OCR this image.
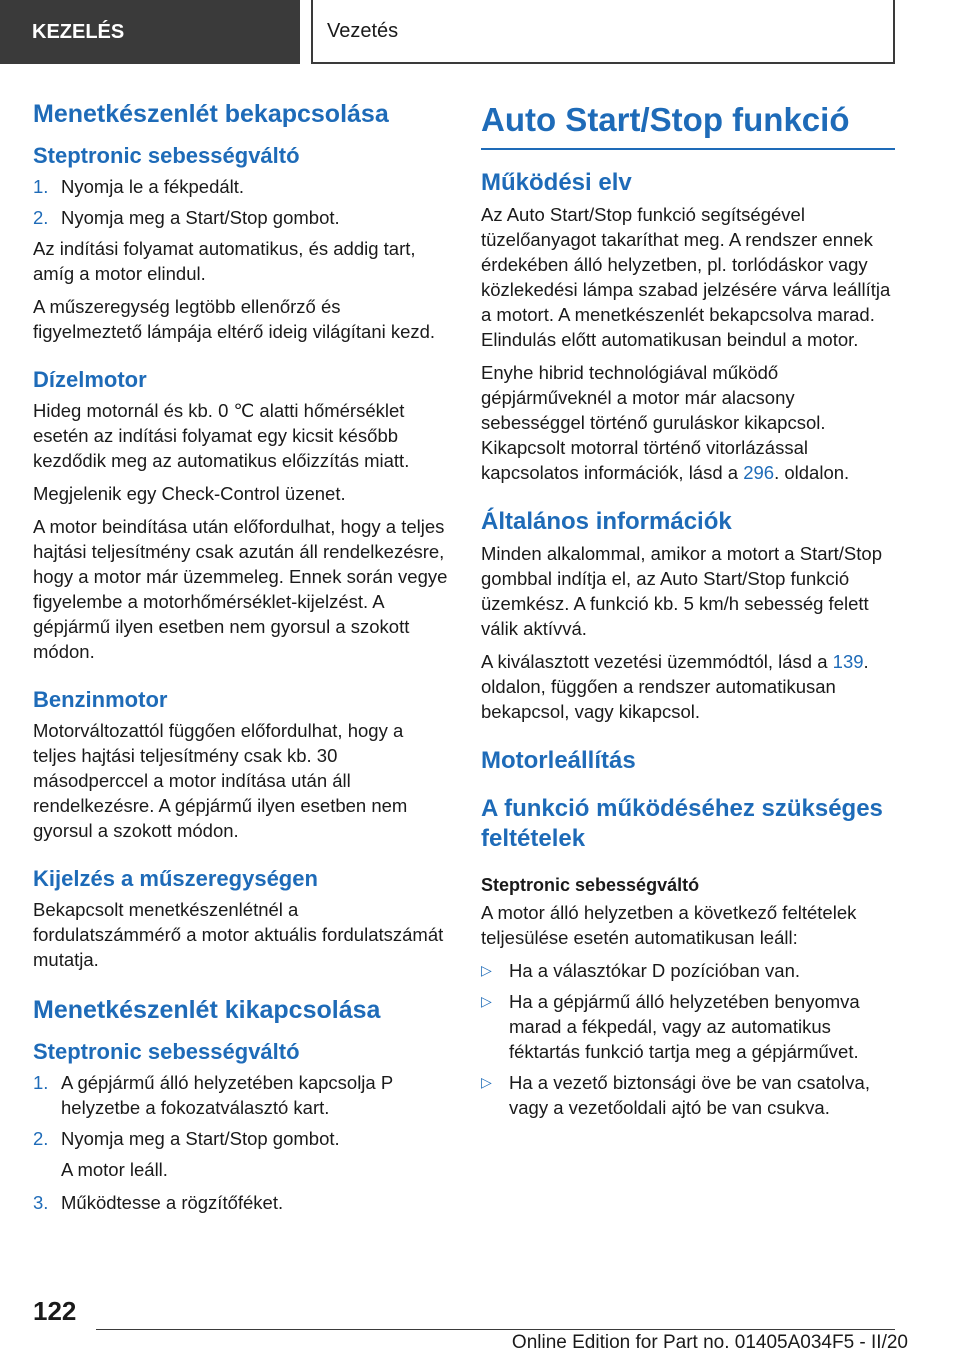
KEZELÉS	Vezetés
Menetkészenlét bekapcsolása
Steptronic sebességváltó
1. Nyomja le a fékpedált.
2. Nyomja meg a Start/Stop gombot.

Az indítási folyamat automatikus, és addig tart, amíg a motor elindul.

A műszeregység legtöbb ellenőrző és figyelmeztető lámpája eltérő ideig világítani kezd.

Dízelmotor

Hideg motornál és kb. 0 ℃ alatti hőmérséklet esetén az indítási folyamat egy kicsit később kezdődik meg az automatikus előizzítás miatt.

Megjelenik egy Check-Control üzenet.

A motor beindítása után előfordulhat, hogy a teljes hajtási teljesítmény csak azután áll rendelkezésre, hogy a motor már üzemmeleg. Ennek során vegye figyelembe a motorhőmérséklet-kijelzést. A gépjármű ilyen esetben nem gyorsul a szokott módon.

Benzinmotor

Motorváltozattól függően előfordulhat, hogy a teljes hajtási teljesítmény csak kb. 30 másodperccel a motor indítása után áll rendelkezésre. A gépjármű ilyen esetben nem gyorsul a szokott módon.

Kijelzés a műszeregységen

Bekapcsolt menetkészenlétnél a fordulatszámmérő a motor aktuális fordulatszámát mutatja.

Menetkészenlét kikapcsolása
Steptronic sebességváltó
1. A gépjármű álló helyzetében kapcsolja P helyzetbe a fokozatválasztó kart.
2. Nyomja meg a Start/Stop gombot.

A motor leáll.

3. Működtesse a rögzítőféket.
Auto Start/Stop funkció
Működési elv

Az Auto Start/Stop funkció segítségével tüzelőanyagot takaríthat meg. A rendszer ennek érdekében álló helyzetben, pl. torlódáskor vagy közlekedési lámpa szabad jelzésére várva leállítja a motort. A menetkészenlét bekapcsolva marad. Elindulás előtt automatikusan beindul a motor.

Enyhe hibrid technológiával működő gépjárműveknél a motor már alacsony sebességgel történő guruláskor kikapcsol. Kikapcsolt motorral történő vitorlázással kapcsolatos információk, lásd a 296. oldalon.

Általános információk

Minden alkalommal, amikor a motort a Start/Stop gombbal indítja el, az Auto Start/Stop funkció üzemkész. A funkció kb. 5 km/h sebesség felett válik aktívvá.

A kiválasztott vezetési üzemmódtól, lásd a 139. oldalon, függően a rendszer automatikusan bekapcsol, vagy kikapcsol.

Motorleállítás
A funkció működéséhez szükséges feltételek
Steptronic sebességváltó

A motor álló helyzetben a következő feltételek teljesülése esetén automatikusan leáll:

▷ Ha a választókar D pozícióban van.
▷ Ha a gépjármű álló helyzetében benyomva marad a fékpedál, vagy az automatikus féktartás funkció tartja meg a gépjárművet.
▷ Ha a vezető biztonsági öve be van csatolva, vagy a vezetőoldali ajtó be van csukva.
122
Online Edition for Part no. 01405A034F5 - II/20
